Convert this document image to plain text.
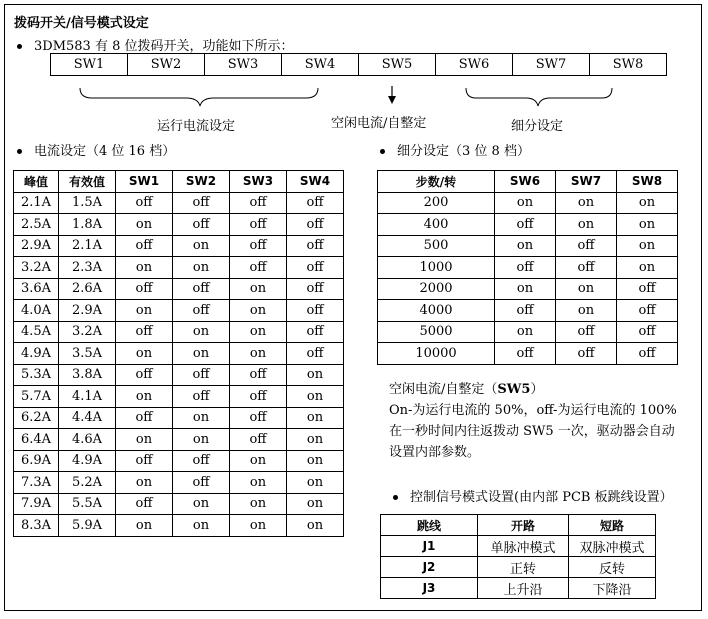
拨码开关/信号模式设定
3DM583 有 8 位拨码开关，功能如下所示：
SW1	SW2	SW3	SW4	SW5	SW6	SW7	SW8
运行电流设定	空闲电流/自整定	细分设定
电流设定（4 位 16 档）	细分设定（3 位 8 档）
峰值	有效值	SW1	SW2	SW3	SW4
2.1A	1.5A	off	off	off	off
2.5A	1.8A	on	off	off	off
2.9A	2.1A	off	on	off	off
3.2A	2.3A	on	on	off	off
3.6A	2.6A	off	off	on	off
4.0A	2.9A	on	off	on	off
4.5A	3.2A	off	on	on	off
4.9A	3.5A	on	on	on	off
5.3A	3.8A	off	off	off	on
5.7A	4.1A	on	off	off	on
6.2A	4.4A	off	on	off	on
6.4A	4.6A	on	on	off	on
6.9A	4.9A	off	off	on	on
7.3A	5.2A	on	off	on	on
7.9A	5.5A	off	on	on	on
8.3A	5.9A	on	on	on	on
步数/转	SW6	SW7	SW8
200	on	on	on
400	off	on	on
500	on	off	on
1000	off	off	on
2000	on	on	off
4000	off	on	off
5000	on	off	off
10000	off	off	off
空闲电流/自整定（SW5）
On-为运行电流的 50%，off-为运行电流的 100%
在一秒时间内往返拨动 SW5 一次，驱动器会自动
设置内部参数。
控制信号模式设置(由内部 PCB 板跳线设置）
跳线	开路	短路
J1	单脉冲模式	双脉冲模式
J2	正转	反转
J3	上升沿	下降沿
